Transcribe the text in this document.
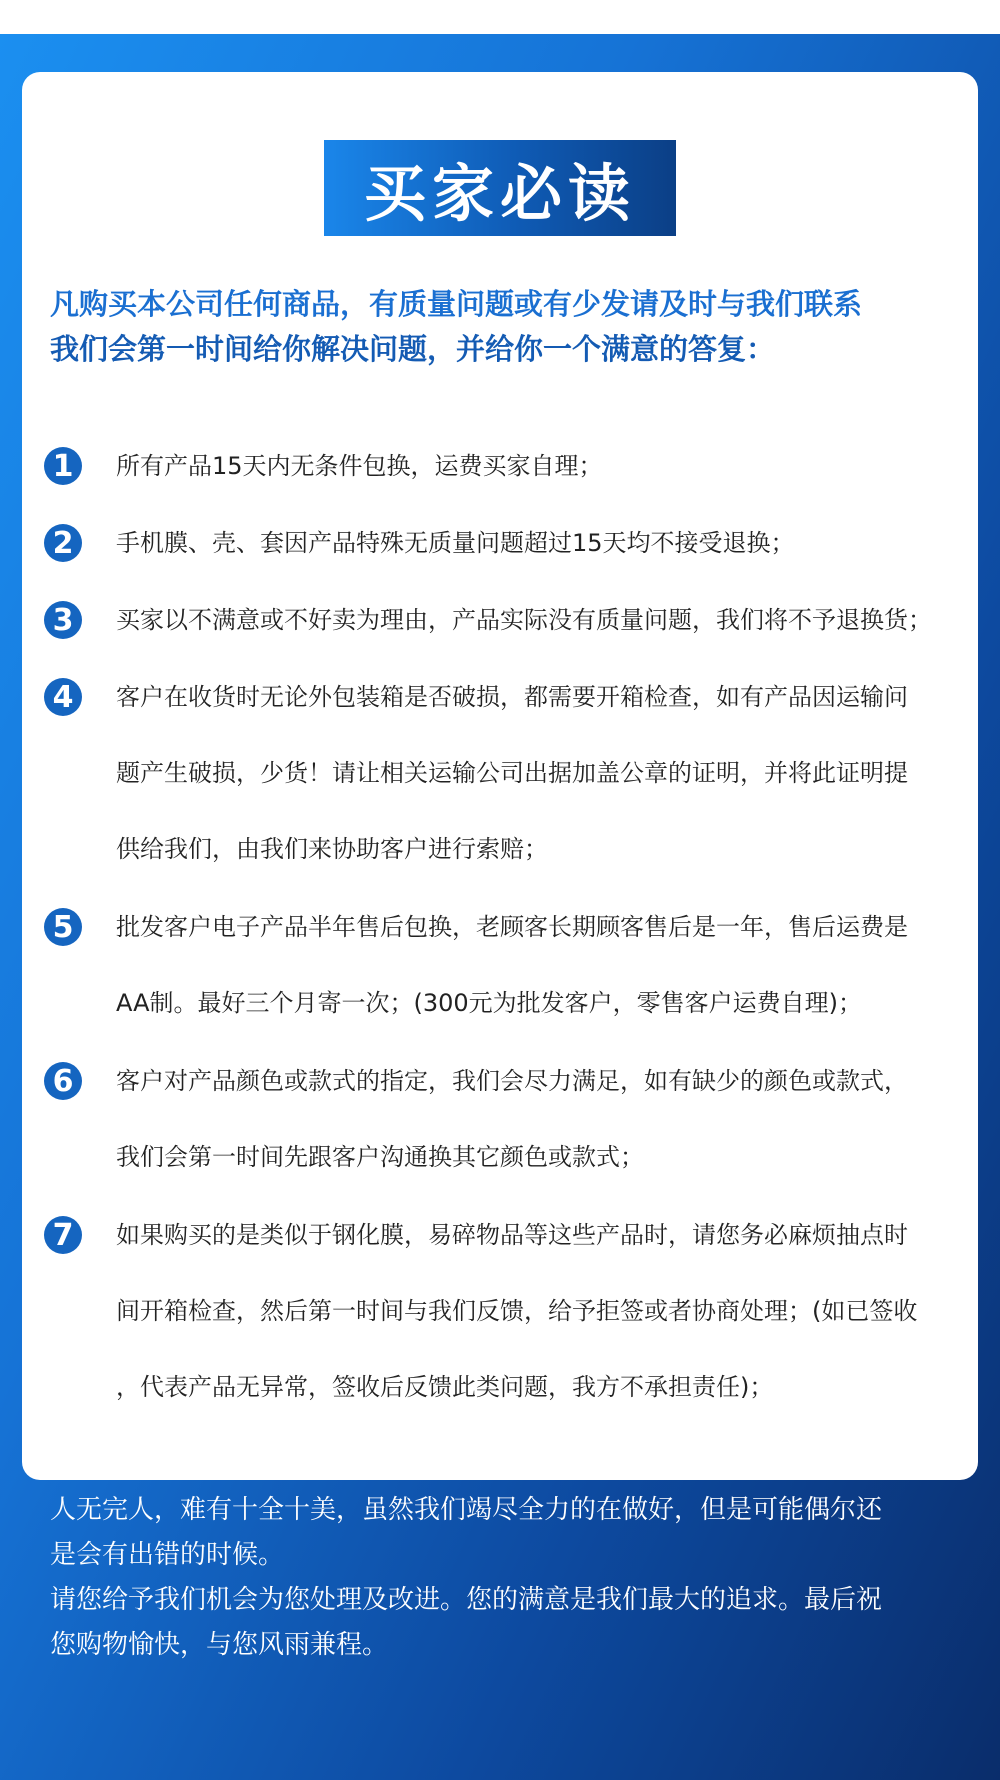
买家必读
凡购买本公司任何商品，有质量问题或有少发请及时与我们联系
我们会第一时间给你解决问题，并给你一个满意的答复：
1	所有产品15天内无条件包换，运费买家自理；
2	手机膜、壳、套因产品特殊无质量问题超过15天均不接受退换；
3	买家以不满意或不好卖为理由，产品实际没有质量问题，我们将不予退换货；
4	客户在收货时无论外包装箱是否破损，都需要开箱检查，如有产品因运输问
题产生破损，少货！请让相关运输公司出据加盖公章的证明，并将此证明提
供给我们，由我们来协助客户进行索赔；
5	批发客户电子产品半年售后包换，老顾客长期顾客售后是一年，售后运费是
AA制。最好三个月寄一次；(300元为批发客户，零售客户运费自理)；
6	客户对产品颜色或款式的指定，我们会尽力满足，如有缺少的颜色或款式，
我们会第一时间先跟客户沟通换其它颜色或款式；
7	如果购买的是类似于钢化膜，易碎物品等这些产品时，请您务必麻烦抽点时
间开箱检查，然后第一时间与我们反馈，给予拒签或者协商处理；(如已签收
，代表产品无异常，签收后反馈此类问题，我方不承担责任)；
人无完人，难有十全十美，虽然我们竭尽全力的在做好，但是可能偶尔还
是会有出错的时候。
请您给予我们机会为您处理及改进。您的满意是我们最大的追求。最后祝
您购物愉快，与您风雨兼程。
